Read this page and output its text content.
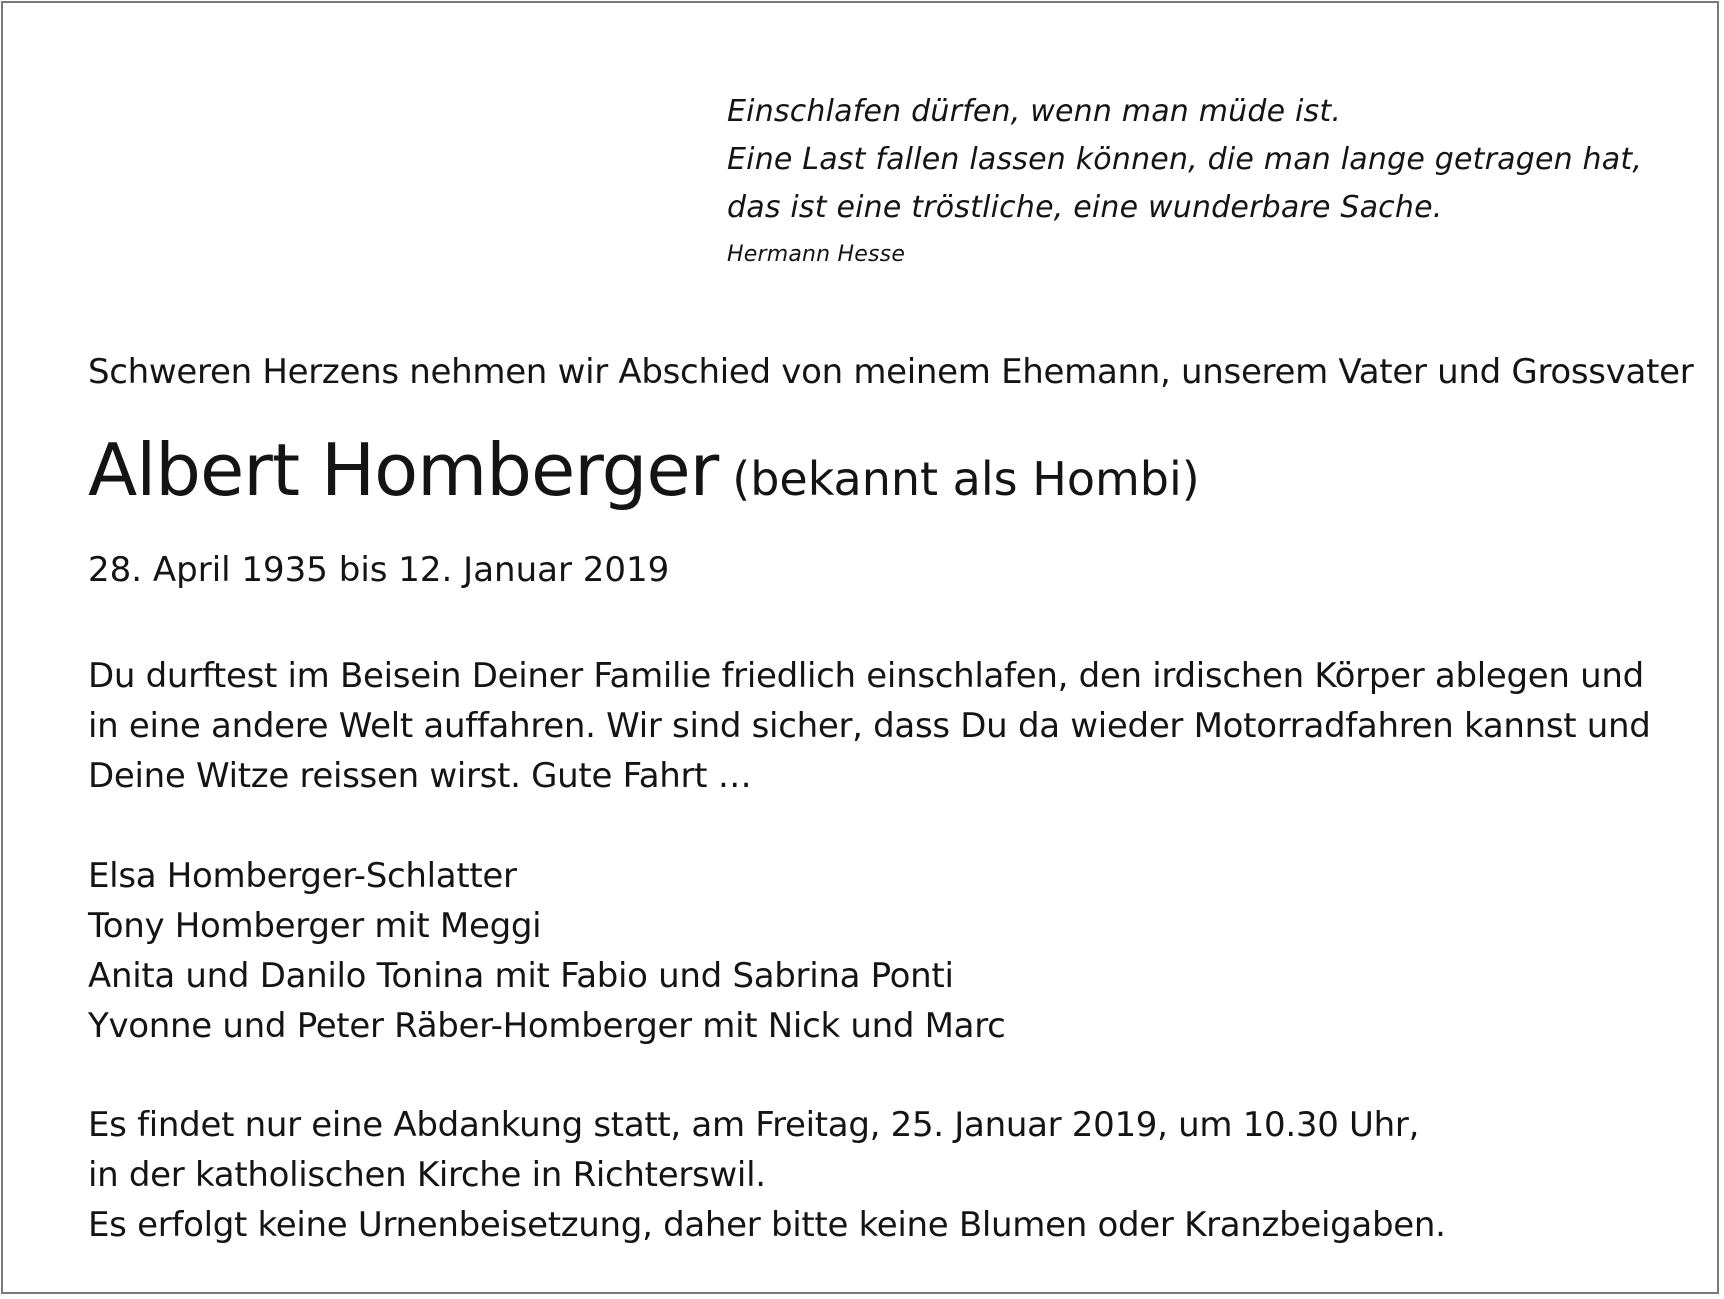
Einschlafen dürfen, wenn man müde ist.
Eine Last fallen lassen können, die man lange getragen hat,
das ist eine tröstliche, eine wunderbare Sache.
Hermann Hesse
Schweren Herzens nehmen wir Abschied von meinem Ehemann, unserem Vater und Grossvater
Albert Homberger (bekannt als Hombi)
28. April 1935 bis 12. Januar 2019
Du durftest im Beisein Deiner Familie friedlich einschlafen, den irdischen Körper ablegen und
in eine andere Welt auffahren. Wir sind sicher, dass Du da wieder Motorradfahren kannst und
Deine Witze reissen wirst. Gute Fahrt …
Elsa Homberger-Schlatter
Tony Homberger mit Meggi
Anita und Danilo Tonina mit Fabio und Sabrina Ponti
Yvonne und Peter Räber-Homberger mit Nick und Marc
Es findet nur eine Abdankung statt, am Freitag, 25. Januar 2019, um 10.30 Uhr,
in der katholischen Kirche in Richterswil.
Es erfolgt keine Urnenbeisetzung, daher bitte keine Blumen oder Kranzbeigaben.
